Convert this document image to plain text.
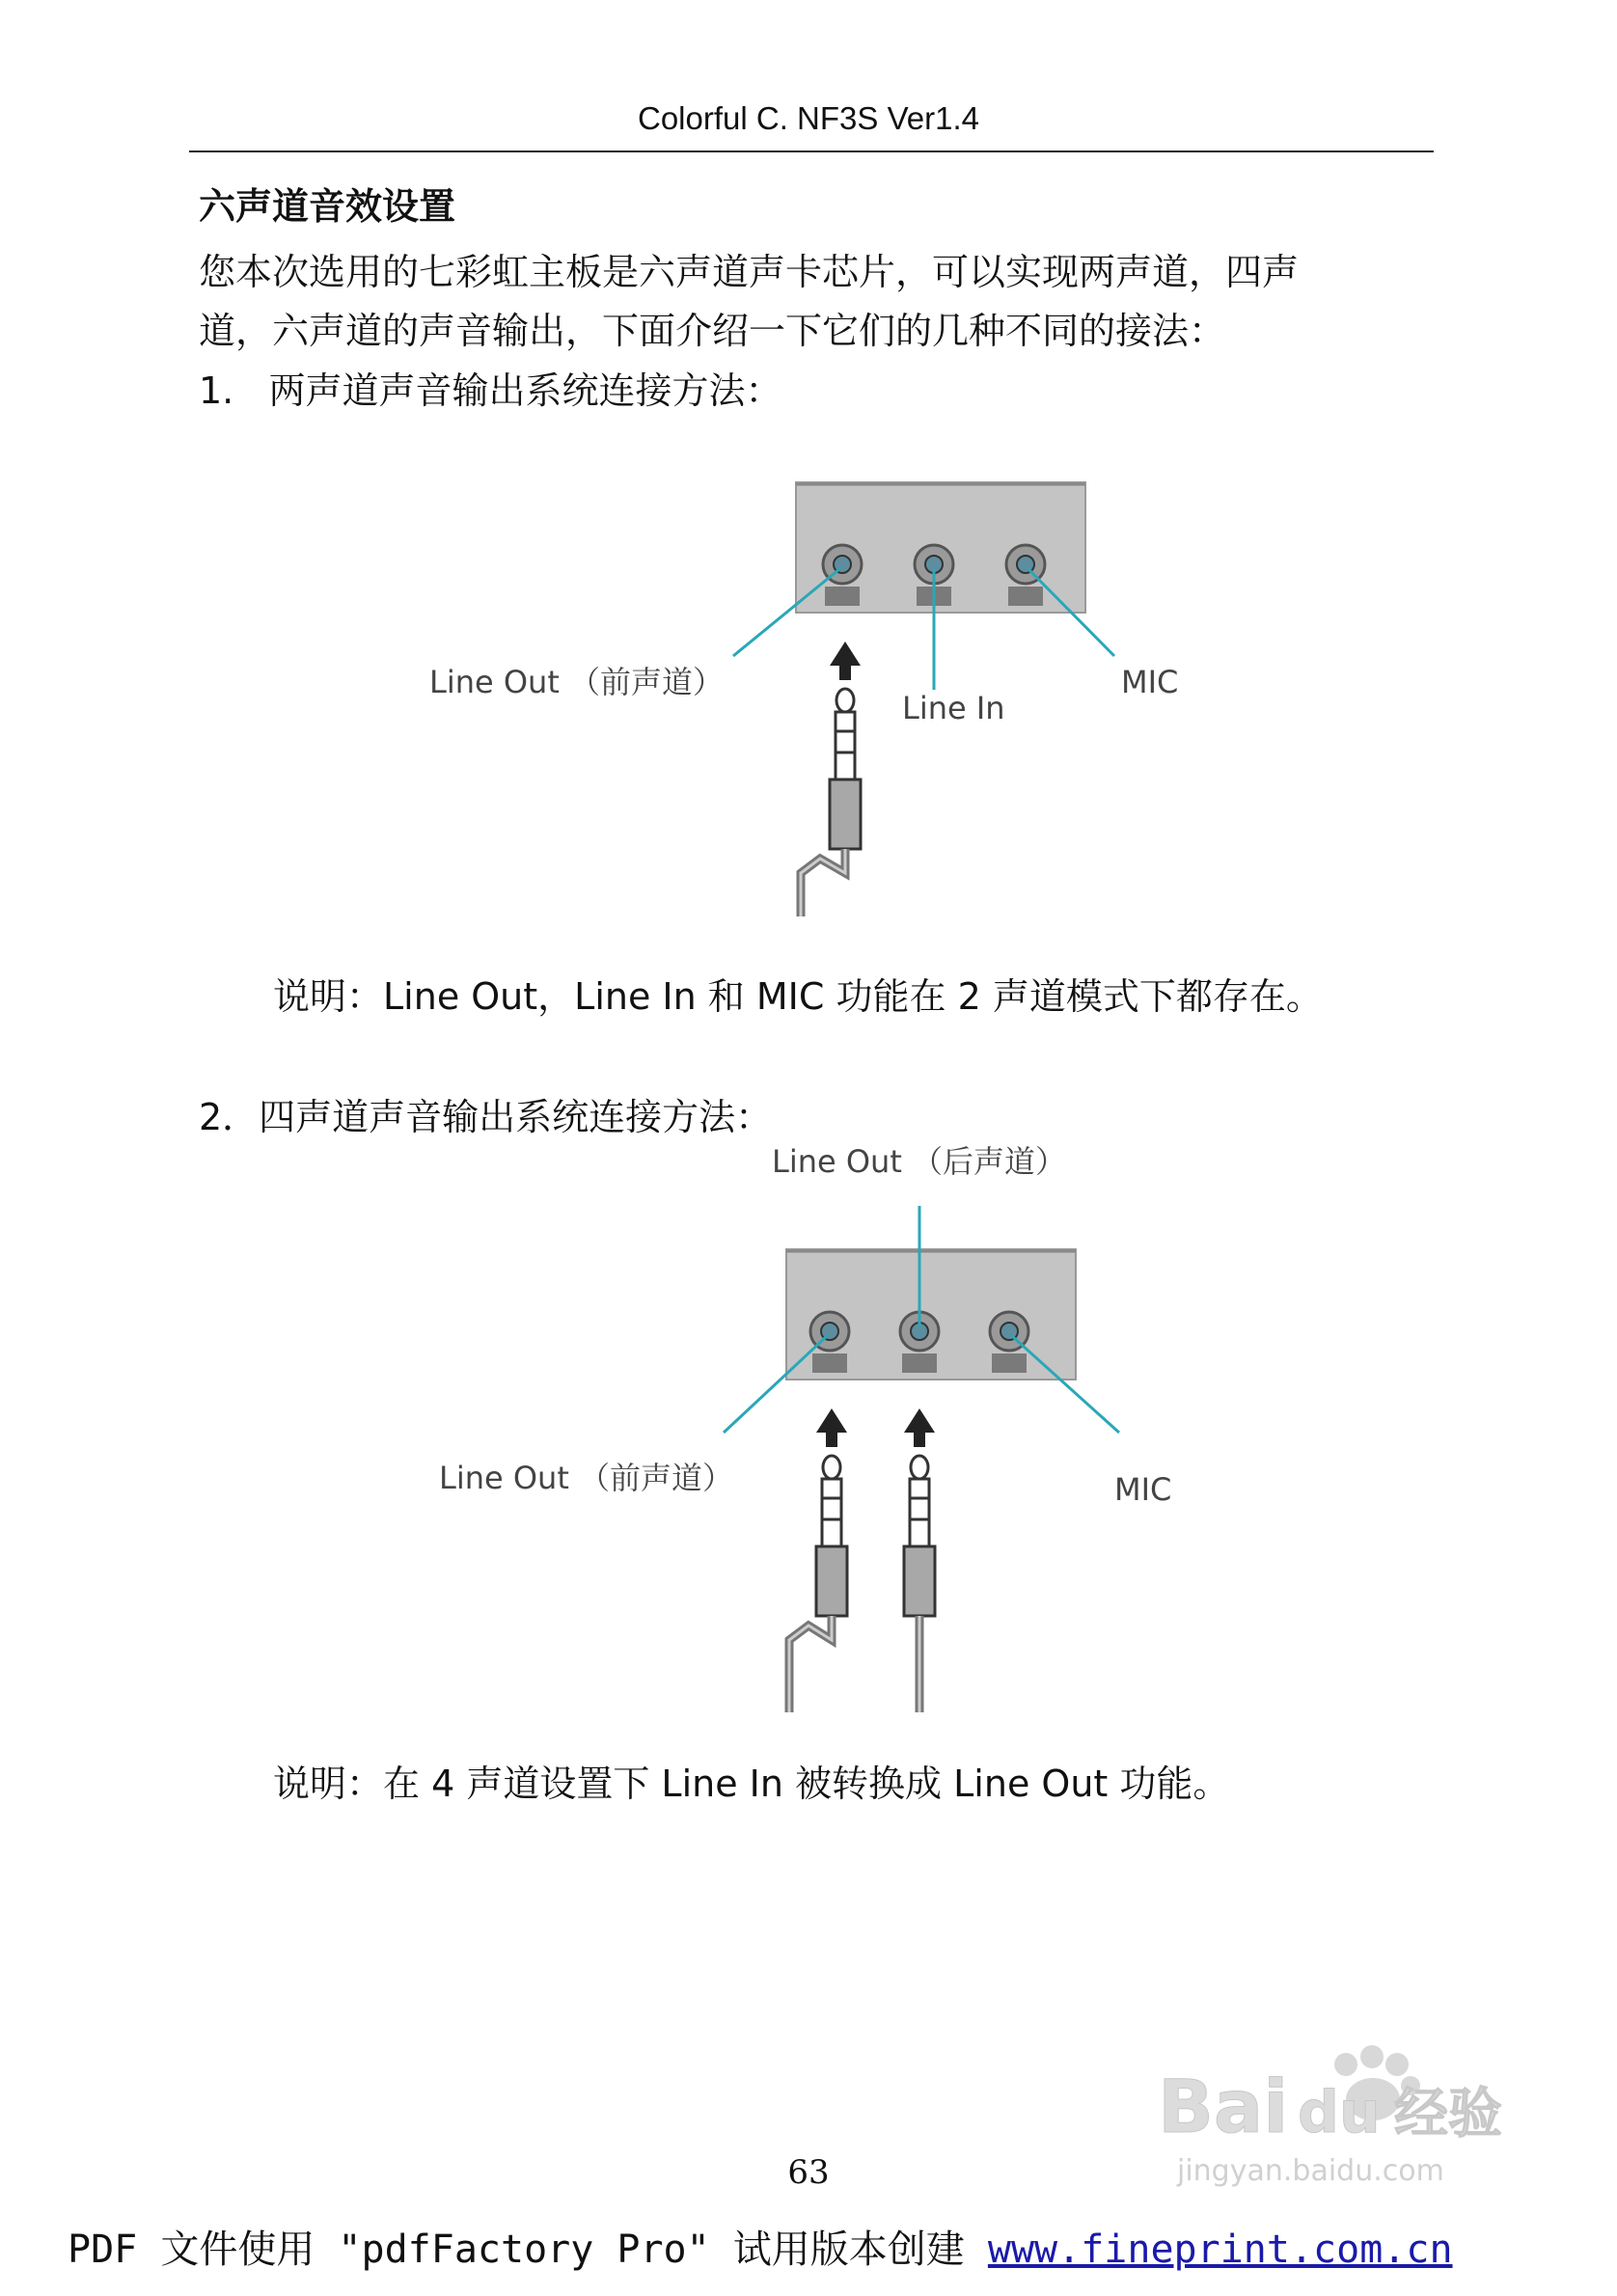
Colorful C. NF3S Ver1.4
六声道音效设置
您本次选用的七彩虹主板是六声道声卡芯片，可以实现两声道，四声
道，六声道的声音输出，下面介绍一下它们的几种不同的接法：
1.   两声道声音输出系统连接方法：
Line Out （前声道）
Line In
MIC
说明：Line Out，Line In 和 MIC 功能在 2 声道模式下都存在。
2．四声道声音输出系统连接方法：
Line Out （后声道）
Line Out （前声道）	MIC
说明：在 4 声道设置下 Line In 被转换成 Line Out 功能。
Bai du 经验
jingyan.baidu.com
63
PDF 文件使用 "pdfFactory Pro" 试用版本创建 www.fineprint.com.cn
